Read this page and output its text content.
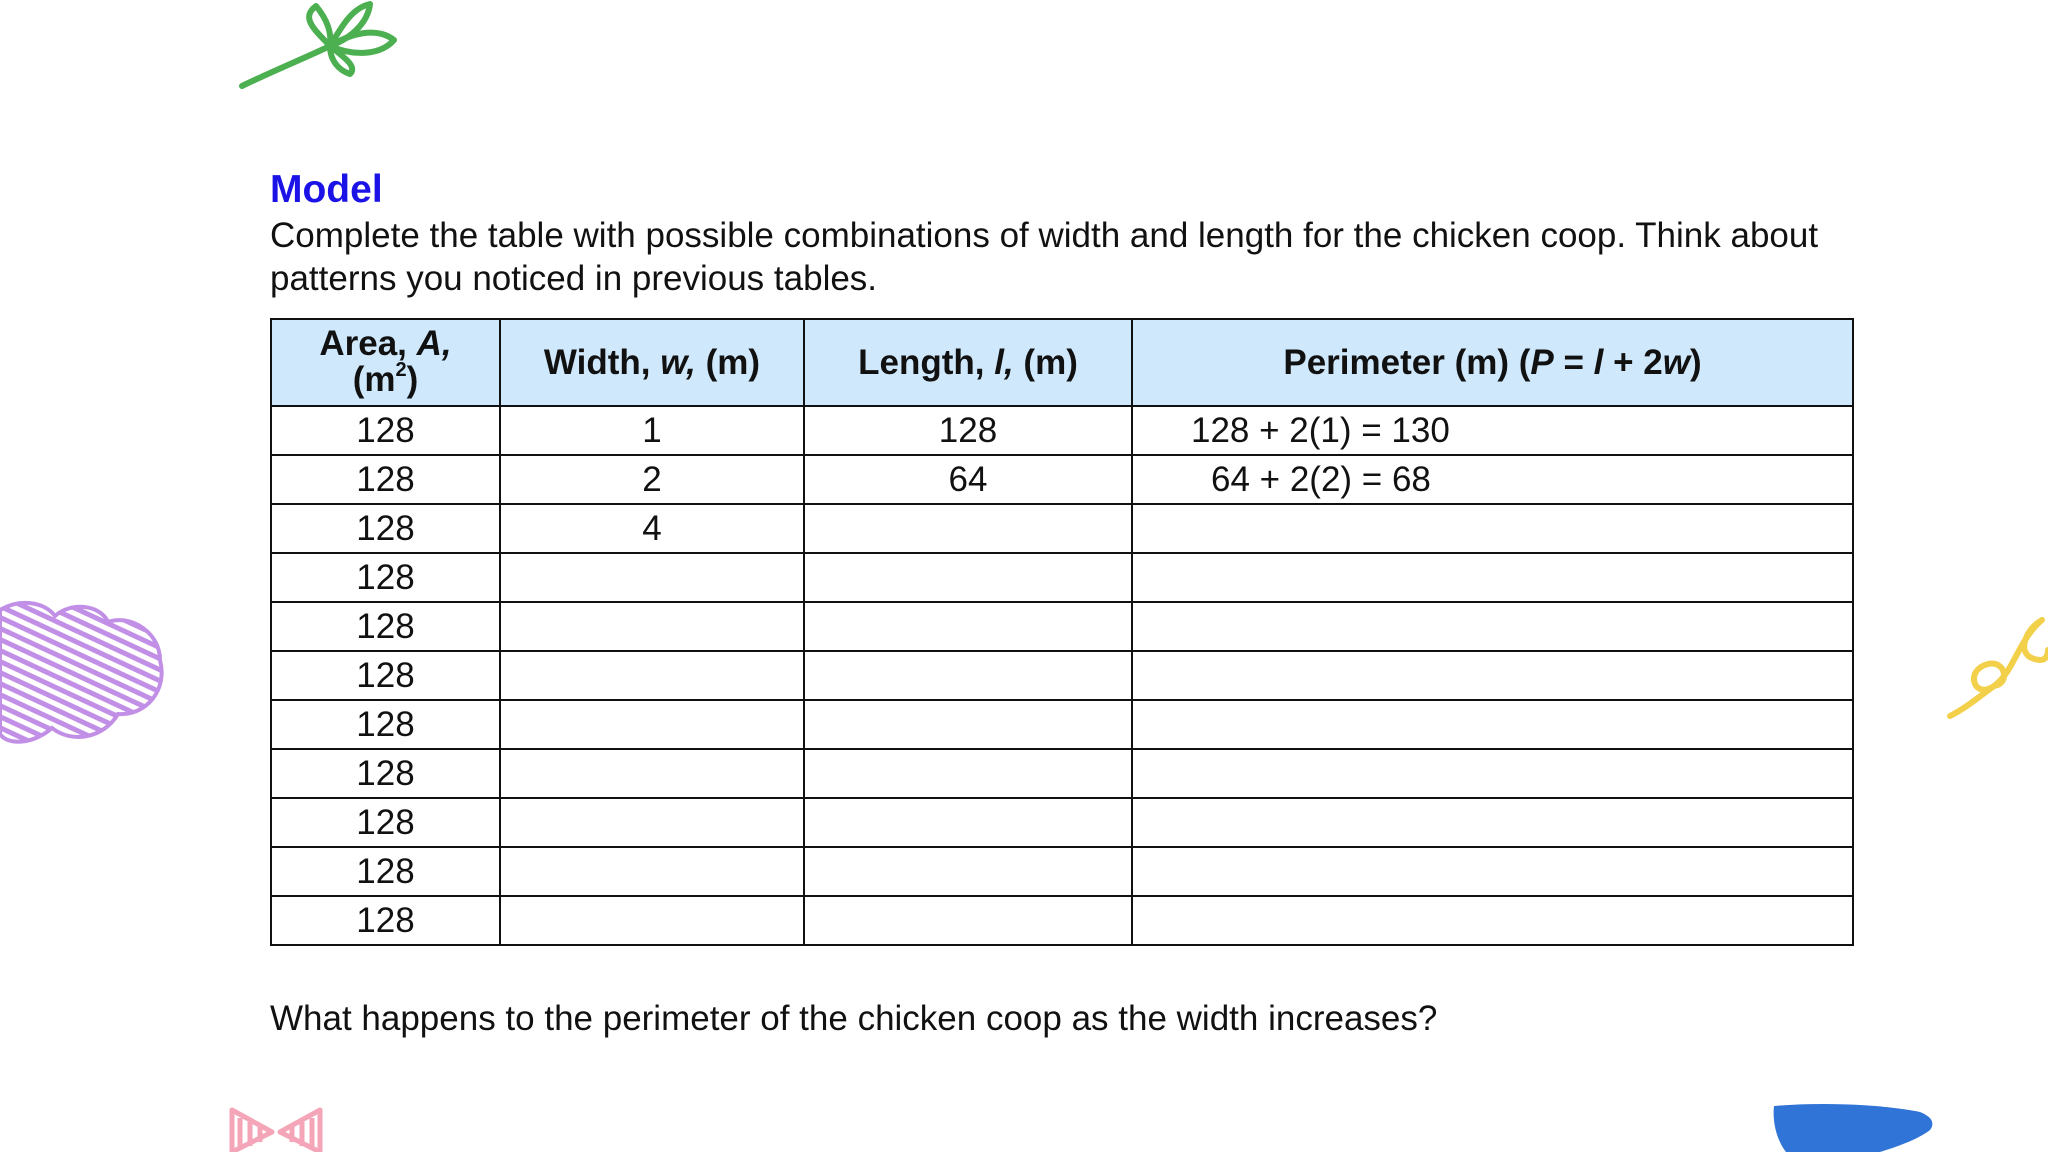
Model

Complete the table with possible combinations of width and length for the chicken coop. Think about patterns you noticed in previous tables.

Area, A,
$(m^2)$	Width, w, (m)	Length, l, (m)	Perimeter (m) (P = l + 2w)
128	1	128	128 + 2(1) = 130
128	2	64	64 + 2(2) = 68
128	4		
128			
128			
128			
128			
128			
128			
128			
128			

What happens to the perimeter of the chicken coop as the width increases?
